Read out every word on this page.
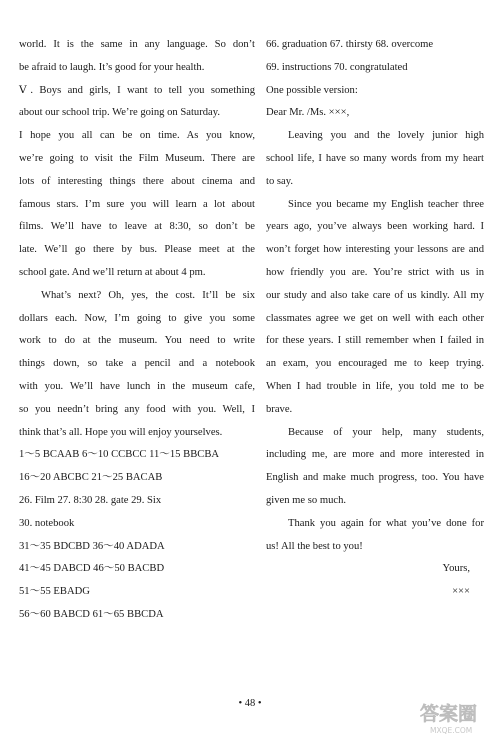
world. It is the same in any language. So don’t
be afraid to laugh. It’s good for your health.
Ⅴ. Boys and girls, I want to tell you something
about our school trip. We’re going on Saturday.
I hope you all can be on time. As you know,
we’re going to visit the Film Museum. There are
lots of interesting things there about cinema and
famous stars. I’m sure you will learn a lot about
films. We’ll have to leave at 8:30, so don’t be
late. We’ll go there by bus. Please meet at the
school gate. And we’ll return at about 4 pm.
What’s next? Oh, yes, the cost. It’ll be six
dollars each. Now, I’m going to give you some
work to do at the museum. You need to write
things down, so take a pencil and a notebook
with you. We’ll have lunch in the museum cafe,
so you needn’t bring any food with you. Well, I
think that’s all. Hope you will enjoy yourselves.
1～5 BCAAB 6～10 CCBCC 11～15 BBCBA
16～20 ABCBC 21～25 BACAB
26. Film 27. 8:30 28. gate 29. Six
30. notebook
31～35 BDCBD 36～40 ADADA
41～45 DABCD 46～50 BACBD
51～55 EBADG
56～60 BABCD 61～65 BBCDA
66. graduation 67. thirsty 68. overcome
69. instructions 70. congratulated
One possible version:
Dear Mr. /Ms. ×××,
Leaving you and the lovely junior high
school life, I have so many words from my heart
to say.
Since you became my English teacher three
years ago, you’ve always been working hard. I
won’t forget how interesting your lessons are and
how friendly you are. You’re strict with us in
our study and also take care of us kindly. All my
classmates agree we get on well with each other
for these years. I still remember when I failed in
an exam, you encouraged me to keep trying.
When I had trouble in life, you told me to be
brave.
Because of your help, many students,
including me, are more and more interested in
English and make much progress, too. You have
given me so much.
Thank you again for what you’ve done for
us! All the best to you!
Yours,
×××
• 48 •	答案圈
MXQE.COM
